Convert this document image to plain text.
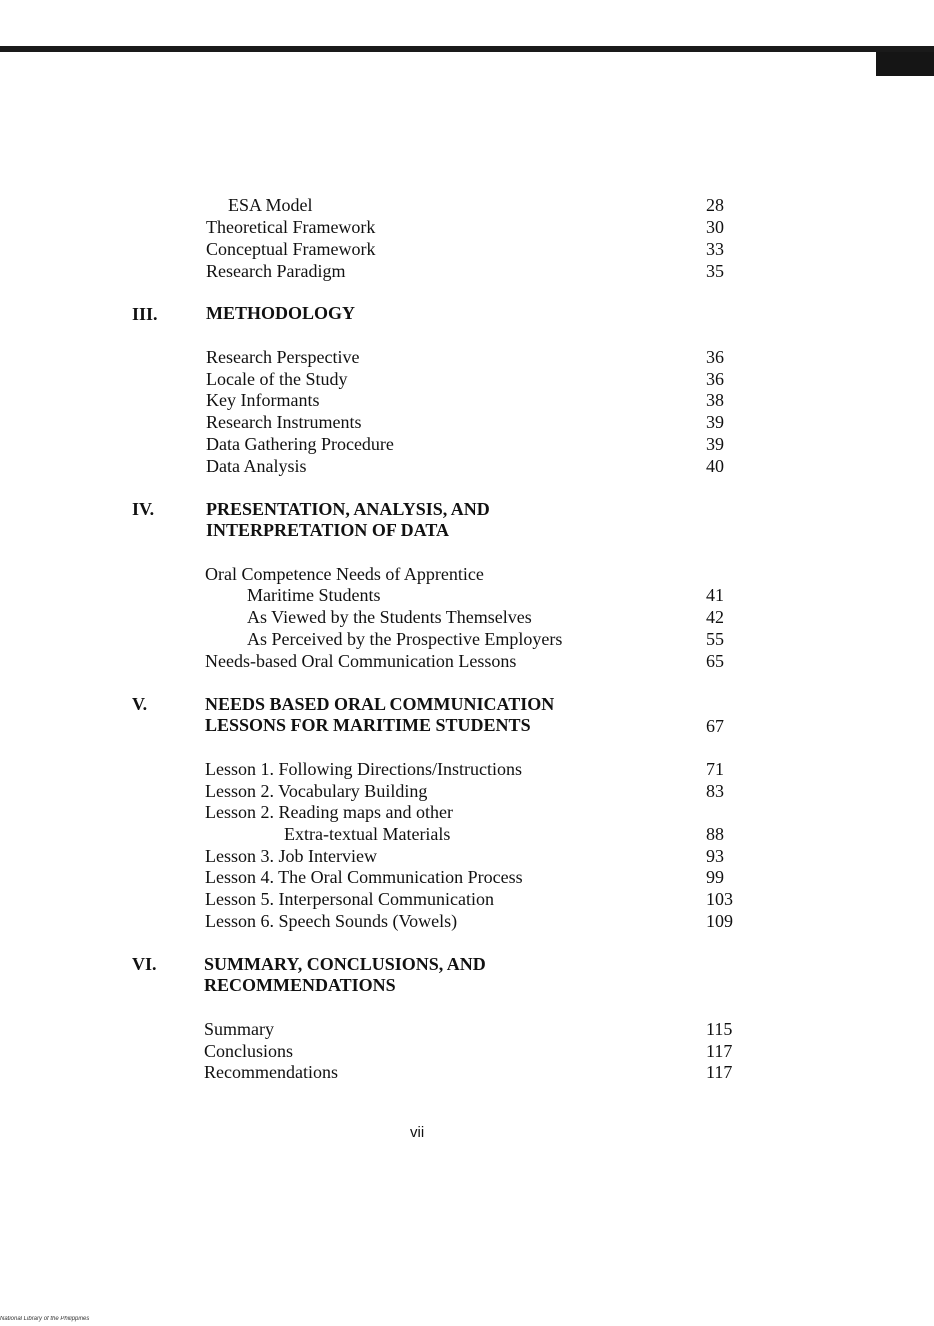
ESA Model	28
Theoretical Framework	30
Conceptual Framework	33
Research Paradigm	35
III.	METHODOLOGY
Research Perspective	36
Locale of the Study	36
Key Informants	38
Research Instruments	39
Data Gathering Procedure	39
Data Analysis	40
IV.	PRESENTATION, ANALYSIS, AND
INTERPRETATION OF DATA
Oral Competence Needs of Apprentice
Maritime Students	41
As Viewed by the Students Themselves	42
As Perceived by the Prospective Employers	55
Needs-based Oral Communication Lessons	65
V.	NEEDS BASED ORAL COMMUNICATION
LESSONS FOR MARITIME STUDENTS	67
Lesson 1. Following Directions/Instructions	71
Lesson 2. Vocabulary Building	83
Lesson 2. Reading maps and other
Extra-textual Materials	88
Lesson 3. Job Interview	93
Lesson 4. The Oral Communication Process	99
Lesson 5. Interpersonal Communication	103
Lesson 6. Speech Sounds (Vowels)	109
VI.	SUMMARY, CONCLUSIONS, AND
RECOMMENDATIONS
Summary	115
Conclusions	117
Recommendations	117
vii
National Library of the Philippines
